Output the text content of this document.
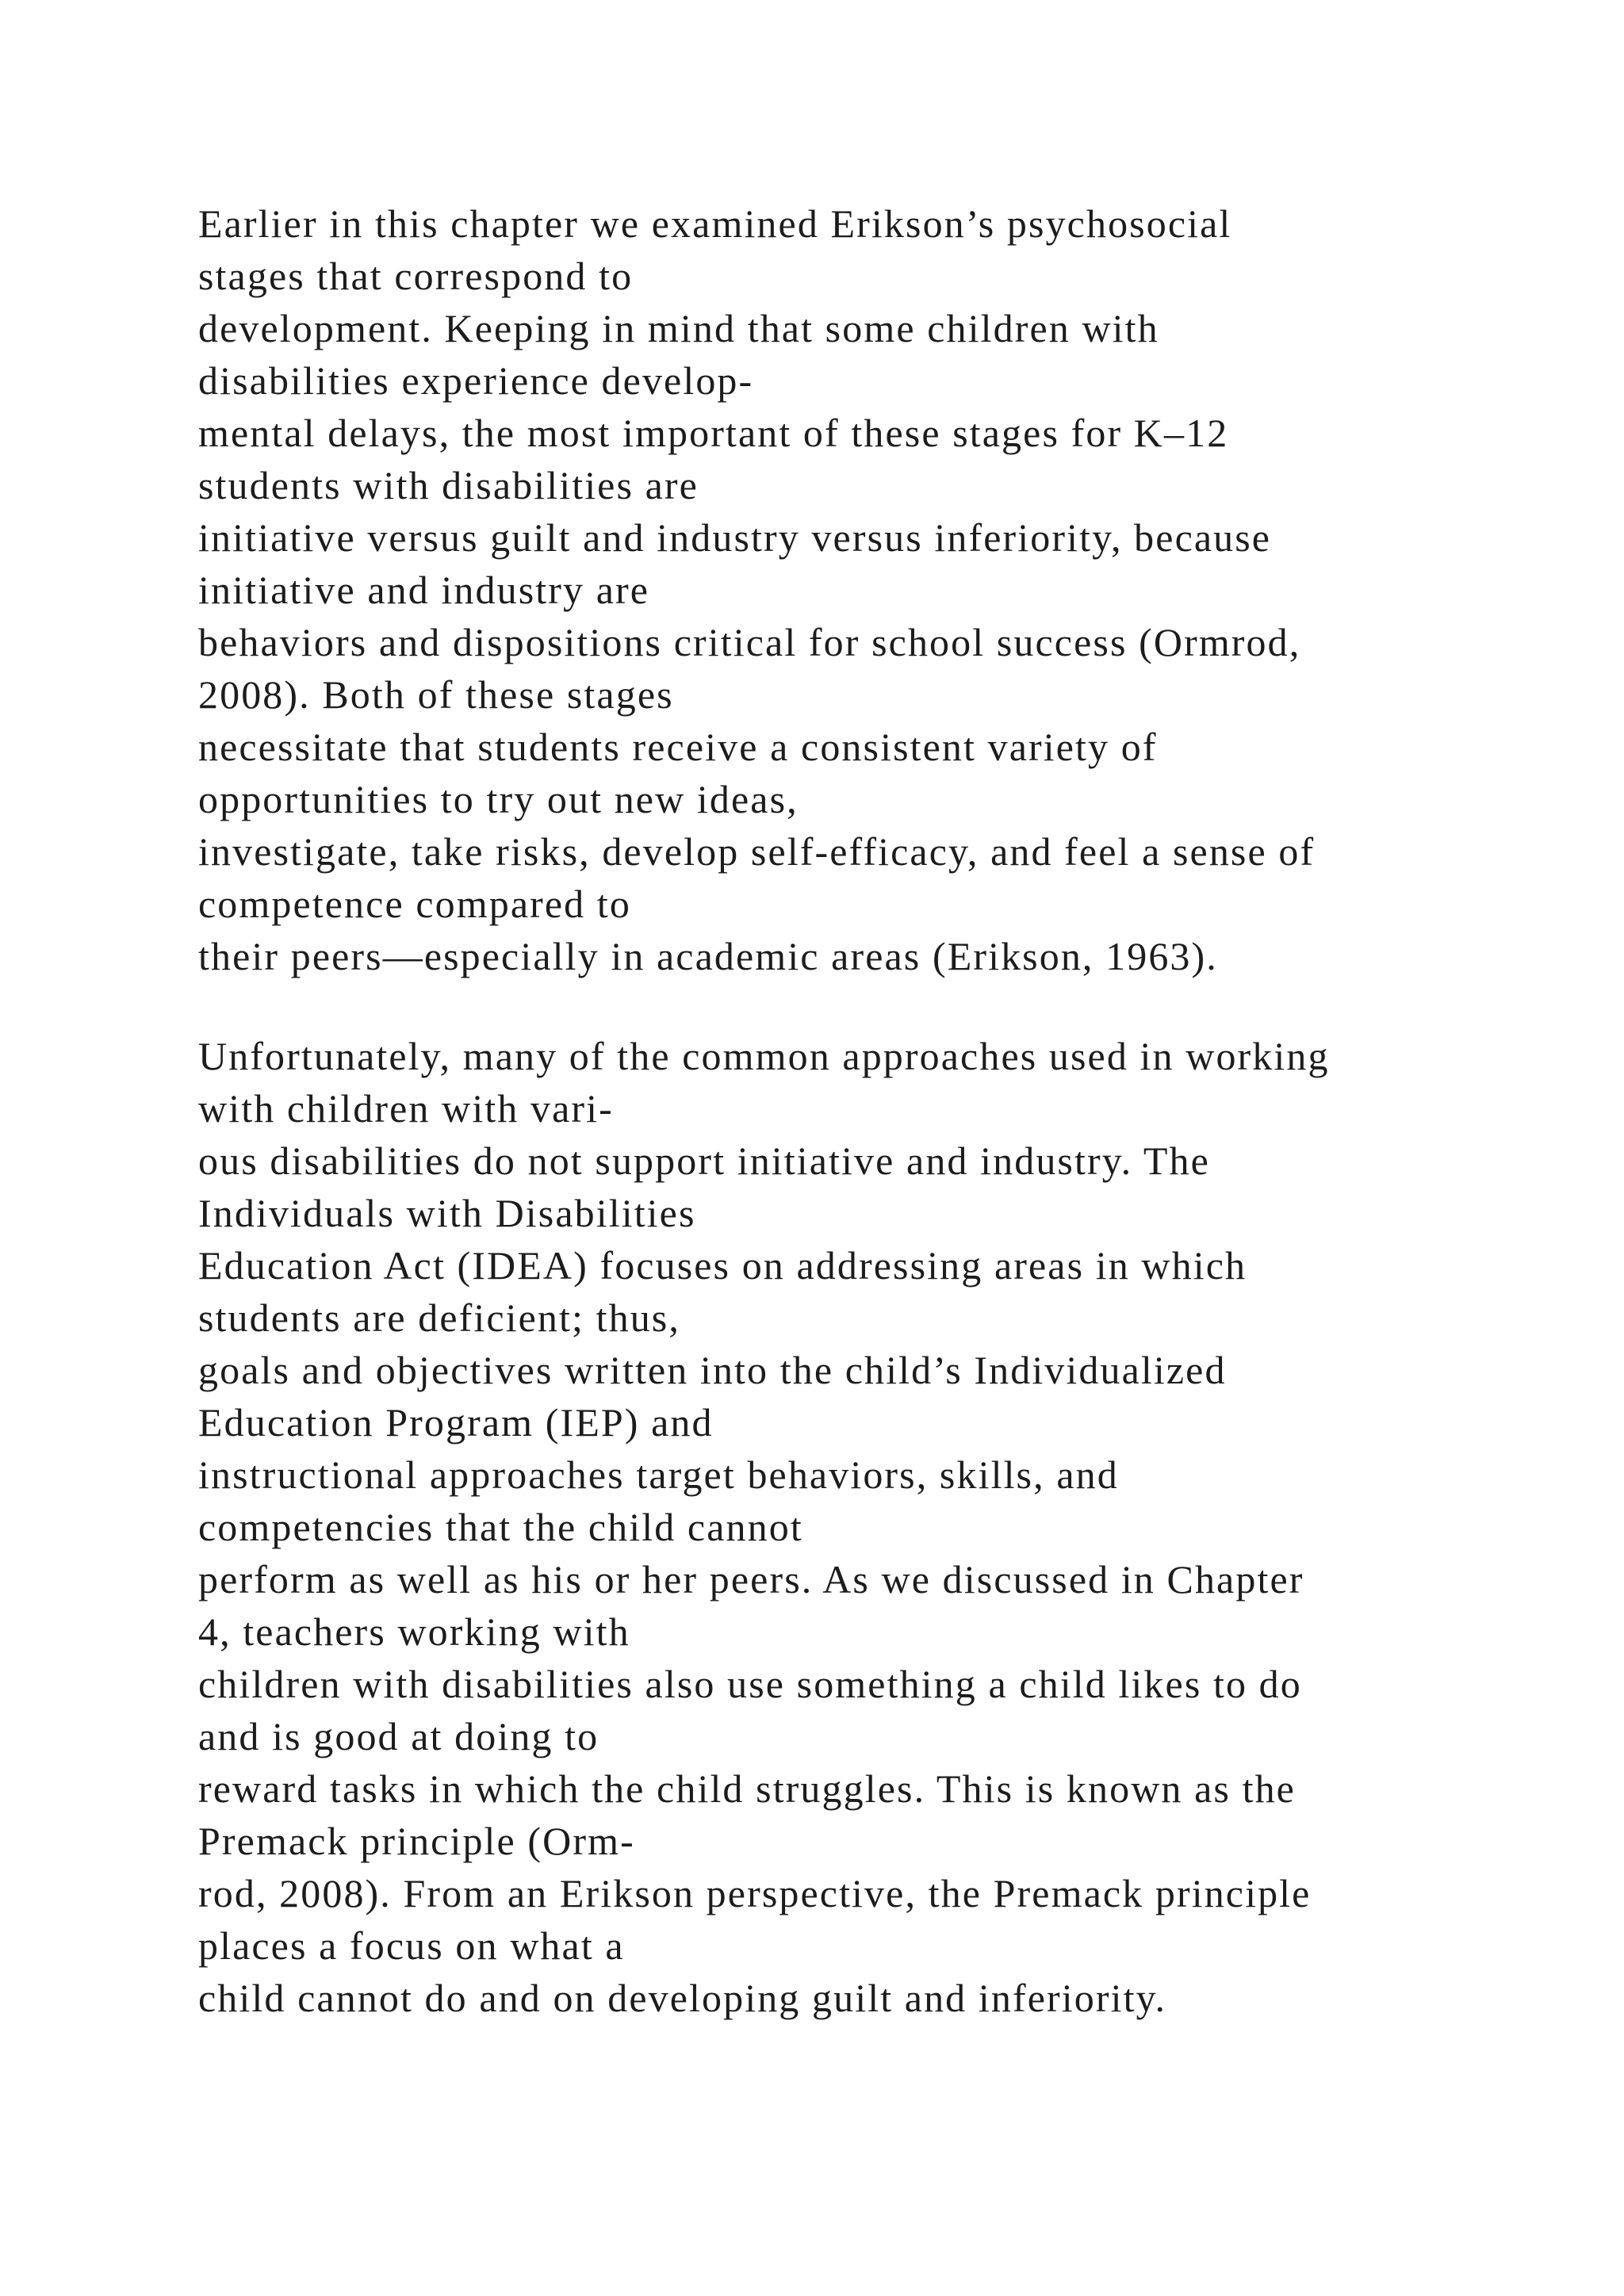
Earlier in this chapter we examined Erikson’s psychosocial
stages that correspond to
development. Keeping in mind that some children with
disabilities experience develop-
mental delays, the most important of these stages for K–12
students with disabilities are
initiative versus guilt and industry versus inferiority, because
initiative and industry are
behaviors and dispositions critical for school success (Ormrod,
2008). Both of these stages
necessitate that students receive a consistent variety of
opportunities to try out new ideas,
investigate, take risks, develop self-efficacy, and feel a sense of
competence compared to
their peers—especially in academic areas (Erikson, 1963).
Unfortunately, many of the common approaches used in working
with children with vari-
ous disabilities do not support initiative and industry. The
Individuals with Disabilities
Education Act (IDEA) focuses on addressing areas in which
students are deficient; thus,
goals and objectives written into the child’s Individualized
Education Program (IEP) and
instructional approaches target behaviors, skills, and
competencies that the child cannot
perform as well as his or her peers. As we discussed in Chapter
4, teachers working with
children with disabilities also use something a child likes to do
and is good at doing to
reward tasks in which the child struggles. This is known as the
Premack principle (Orm-
rod, 2008). From an Erikson perspective, the Premack principle
places a focus on what a
child cannot do and on developing guilt and inferiority.
